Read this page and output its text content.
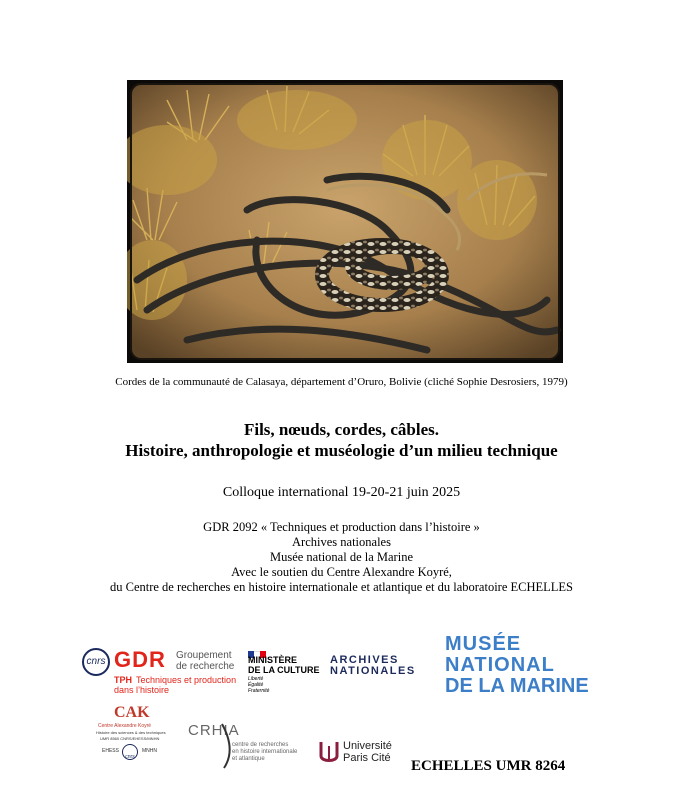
Cordes de la communauté de Calasaya, département d’Oruro, Bolivie (cliché Sophie Desrosiers, 1979)
Fils, nœuds, cordes, câbles.
Histoire, anthropologie et muséologie d’un milieu technique
Colloque international 19-20-21 juin 2025
GDR 2092 « Techniques et production dans l’histoire »
Archives nationales
Musée national de la Marine
Avec le soutien du Centre Alexandre Koyré,
du Centre de recherches en histoire internationale et atlantique et du laboratoire ECHELLES
cnrs GDR Groupement
de recherche
TPH Techniques et production
dans l’histoire
MINISTÈRE
DE LA CULTURE
Liberté
Égalité
Fraternité
ARCHIVES
NATIONALES
MUSÉE
NATIONAL
DE LA MARINE
CAK
Centre Alexandre Koyré
Histoire des sciences & des techniques
UMR 8560 CNRS/EHESS/MNHN
EHESS
cnrs
MNHN
CRHIA
centre de recherches
en histoire internationale
et atlantique
Université
Paris Cité ECHELLES UMR 8264
